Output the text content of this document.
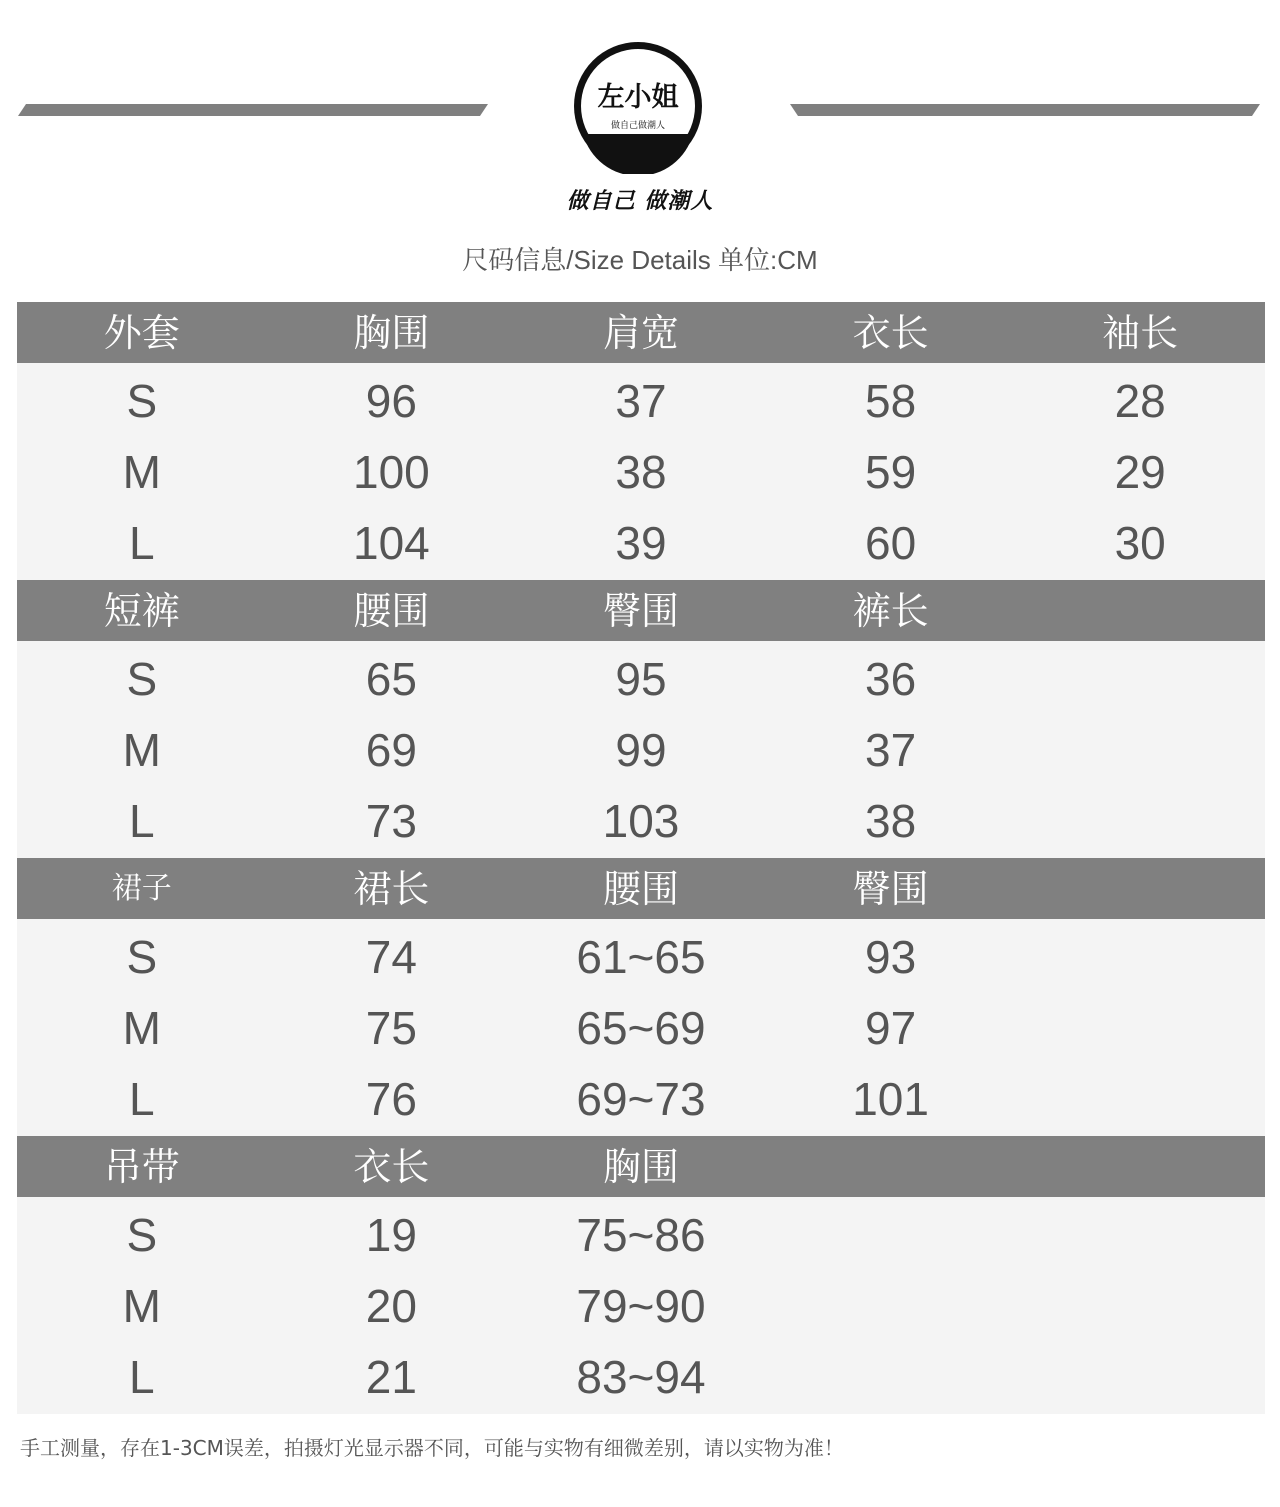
左小姐
做自己做潮人
做自己 做潮人
尺码信息/Size Details 单位:CM
外套	胸围	肩宽	衣长	袖长
S	96	37	58	28
M	100	38	59	29
L	104	39	60	30
短裤	腰围	臀围	裤长
S	65	95	36
M	69	99	37
L	73	103	38
裙子	裙长	腰围	臀围
S	74	61~65	93
M	75	65~69	97
L	76	69~73	101
吊带	衣长	胸围
S	19	75~86
M	20	79~90
L	21	83~94
手工测量，存在1-3CM误差，拍摄灯光显示器不同，可能与实物有细微差别，请以实物为准！
